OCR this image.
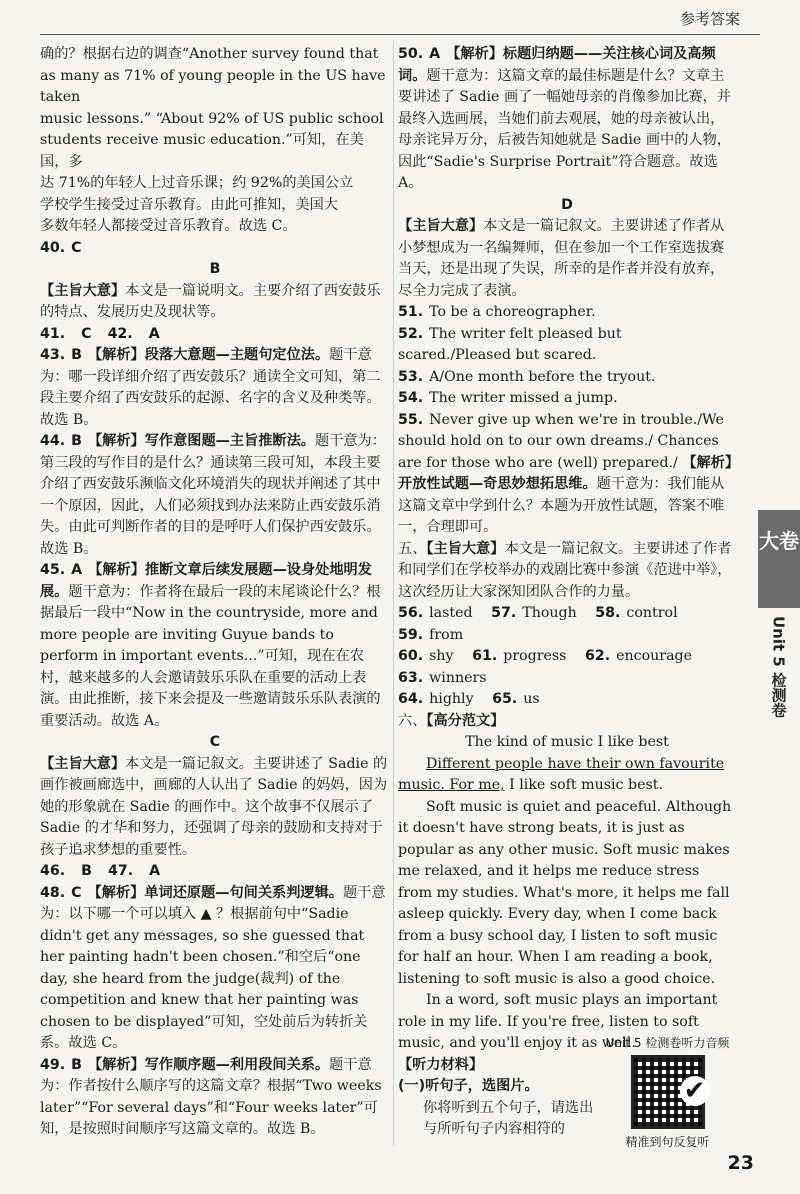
参考答案

确的？根据右边的调查“Another survey found that

as many as 71% of young people in the US have taken

music lessons.” “About 92% of US public school

students receive music education.”可知，在美国，多

达 71%的年轻人上过音乐课；约 92%的美国公立

学校学生接受过音乐教育。由此可推知，美国大

多数年轻人都接受过音乐教育。故选 C。

40. C

B

【主旨大意】本文是一篇说明文。主要介绍了西安鼓乐的特点、发展历史及现状等。

41. C 42. A

43. B 【解析】段落大意题—主题句定位法。题干意为：哪一段详细介绍了西安鼓乐？通读全文可知，第二段主要介绍了西安鼓乐的起源、名字的含义及种类等。故选 B。

44. B 【解析】写作意图题—主旨推断法。题干意为：第三段的写作目的是什么？通读第三段可知，本段主要介绍了西安鼓乐濒临文化环境消失的现状并阐述了其中一个原因，因此，人们必须找到办法来防止西安鼓乐消失。由此可判断作者的目的是呼吁人们保护西安鼓乐。故选 B。

45. A 【解析】推断文章后续发展题—设身处地明发展。题干意为：作者将在最后一段的末尾谈论什么？根据最后一段中“Now in the countryside, more and more people are inviting Guyue bands to perform in important events...”可知，现在在农村，越来越多的人会邀请鼓乐乐队在重要的活动上表演。由此推断，接下来会提及一些邀请鼓乐乐队表演的重要活动。故选 A。

C

【主旨大意】本文是一篇记叙文。主要讲述了 Sadie 的画作被画廊选中，画廊的人认出了 Sadie 的妈妈，因为她的形象就在 Sadie 的画作中。这个故事不仅展示了 Sadie 的才华和努力，还强调了母亲的鼓励和支持对于孩子追求梦想的重要性。

46. B 47. A

48. C 【解析】单词还原题—句间关系判逻辑。题干意为：以下哪一个可以填入 ▲ ？根据前句中“Sadie didn't get any messages, so she guessed that her painting hadn't been chosen.”和空后“one day, she heard from the judge(裁判) of the competition and knew that her painting was chosen to be displayed”可知，空处前后为转折关系。故选 C。

49. B 【解析】写作顺序题—利用段间关系。题干意为：作者按什么顺序写的这篇文章？根据“Two weeks later”“For several days”和“Four weeks later”可知，是按照时间顺序写这篇文章的。故选 B。

50. A 【解析】标题归纳题——关注核心词及高频词。题干意为：这篇文章的最佳标题是什么？文章主要讲述了 Sadie 画了一幅她母亲的肖像参加比赛，并最终入选画展，当她们前去观展，她的母亲被认出，母亲诧异万分，后被告知她就是 Sadie 画中的人物，因此“Sadie's Surprise Portrait”符合题意。故选 A。

D

【主旨大意】本文是一篇记叙文。主要讲述了作者从小梦想成为一名编舞师，但在参加一个工作室选拔赛当天，还是出现了失误，所幸的是作者并没有放弃，尽全力完成了表演。

51. To be a choreographer.

52. The writer felt pleased but scared./Pleased but scared.

53. A/One month before the tryout.

54. The writer missed a jump.

55. Never give up when we're in trouble./We should hold on to our own dreams./ Chances are for those who are (well) prepared./ 【解析】开放性试题—奇思妙想拓思维。题干意为：我们能从这篇文章中学到什么？本题为开放性试题，答案不唯一，合理即可。

五、【主旨大意】本文是一篇记叙文。主要讲述了作者和同学们在学校举办的戏剧比赛中参演《范进中举》，这次经历让大家深知团队合作的力量。

56. lasted 57. Though 58. control 59. from

60. shy 61. progress 62. encourage 63. winners

64. highly 65. us

六、【高分范文】

The kind of music I like best

Different people have their own favourite music. For me, I like soft music best.

Soft music is quiet and peaceful. Although it doesn't have strong beats, it is just as popular as any other music. Soft music makes me relaxed, and it helps me reduce stress from my studies. What's more, it helps me fall asleep quickly. Every day, when I come back from a busy school day, I listen to soft music for half an hour. When I am reading a book, listening to soft music is also a good choice.

In a word, soft music plays an important role in my life. If you're free, listen to soft music, and you'll enjoy it as well.

【听力材料】

(一)听句子，选图片。

你将听到五个句子，请选出与所听句子内容相符的

Unit 5 检测卷听力音频
✔
精准到句反复听
大卷
Unit 5 检测卷
23
